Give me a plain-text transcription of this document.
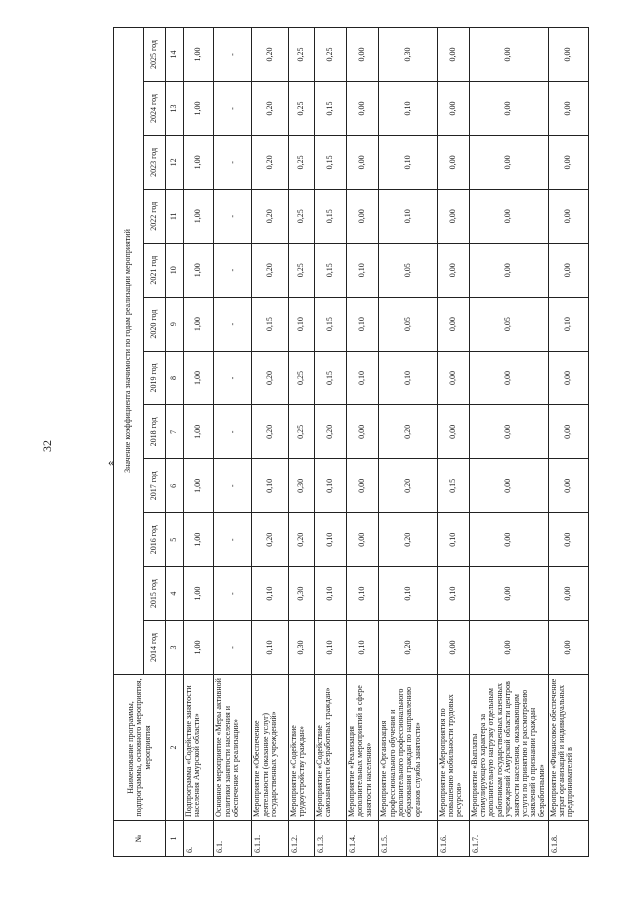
32
«
№	Наименование программы, подпрограммы, основного мероприятия, мероприятия	Значение коэффициента значимости по годам реализации мероприятий											
		2014 год	2015 год	2016 год	2017 год	2018 год	2019 год	2020 год	2021 год	2022 год	2023 год	2024 год	2025 год
1	2	3	4	5	6	7	8	9	10	11	12	13	14
6.	Подпрограмма «Содействие занятости населения Амурской области»	1,00	1,00	1,00	1,00	1,00	1,00	1,00	1,00	1,00	1,00	1,00	1,00
6.1.	Основное мероприятие «Меры активной политики занятости населения и обеспечение их реализации»	-	-	-	-	-	-	-	-	-	-	-	-
6.1.1.	Мероприятие «Обеспечение деятельности (оказание услуг) государственных учреждений»	0,10	0,10	0,20	0,10	0,20	0,20	0,15	0,20	0,20	0,20	0,20	0,20
6.1.2.	Мероприятие «Содействие трудоустройству граждан»	0,30	0,30	0,20	0,30	0,25	0,25	0,10	0,25	0,25	0,25	0,25	0,25
6.1.3.	Мероприятие «Содействие самозанятости безработных граждан»	0,10	0,10	0,10	0,10	0,20	0,15	0,15	0,15	0,15	0,15	0,15	0,25
6.1.4.	Мероприятие «Реализация дополнительных мероприятий в сфере занятости населения»	0,10	0,10	0,00	0,00	0,00	0,10	0,10	0,10	0,00	0,00	0,00	0,00
6.1.5.	Мероприятие «Организация профессионального обучения и дополнительного профессионального образования граждан по направлению органов службы занятости»	0,20	0,10	0,20	0,20	0,20	0,10	0,05	0,05	0,10	0,10	0,10	0,30
6.1.6.	Мероприятие «Мероприятия по повышению мобильности трудовых ресурсов»	0,00	0,10	0,10	0,15	0,00	0,00	0,00	0,00	0,00	0,00	0,00	0,00
6.1.7.	Мероприятие «Выплаты стимулирующего характера за дополнительную нагрузку отдельным работникам государственных казенных учреждений Амурской области центров занятости населения, оказывающим услуги по принятию и рассмотрению заявлений о признании граждан безработными»	0,00	0,00	0,00	0,00	0,00	0,00	0,05	0,00	0,00	0,00	0,00	0,00
6.1.8.	Мероприятие «Финансовое обеспечение затрат организаций и индивидуальных предпринимателей в	0,00	0,00	0,00	0,00	0,00	0,00	0,10	0,00	0,00	0,00	0,00	0,00
